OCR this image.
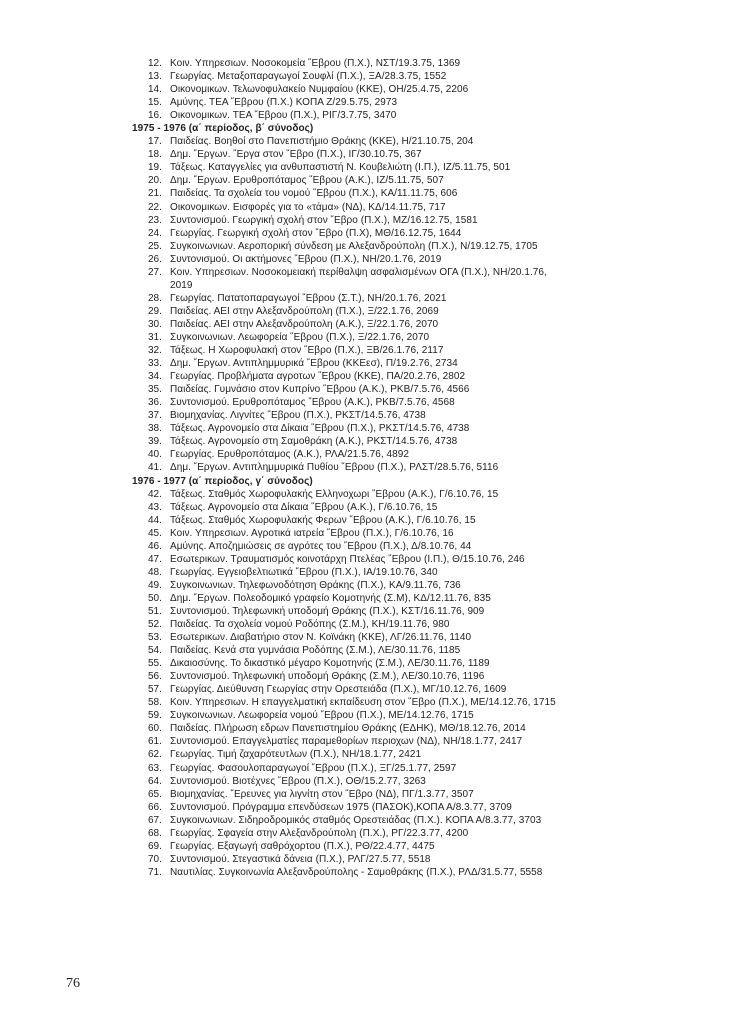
12. Κοιν. Υπηρεσιων. Νοσοκομεία ῞Εβρου (Π.Χ.), ΝΣΤ/19.3.75, 1369
13. Γεωργίας. Μεταξοπαραγωγοί Σουφλί (Π.Χ.), ΞΑ/28.3.75, 1552
14. Οικονομικων. Τελωνοφυλακείο Νυμφαίου (ΚΚΕ), ΟΗ/25.4.75, 2206
15. Αμύνης. ΤΕΑ ῞Εβρου (Π.Χ.) ΚΟΠΑ Ζ/29.5.75, 2973
16. Οικονομικων. ΤΕΑ ῞Εβρου (Π.Χ.), ΡΙΓ/3.7.75, 3470
1975 - 1976 (α΄ περίοδος, β΄ σύνοδος)
17. Παιδείας. Βοηθοί στο Πανεπιστήμιο Θράκης (ΚΚΕ), Η/21.10.75, 204
18. Δημ. ῎Εργων. ῎Εργα στον ῞Εβρο (Π.Χ.), ΙΓ/30.10.75, 367
19. Τάξεως. Καταγγελίες για ανθυπαστιστή Ν. Κουβελιώτη (Ι.Π.), ΙΖ/5.11.75, 501
20. Δημ. ῎Εργων. Ερυθροπόταμος ῞Εβρου (Α.Κ.), ΙΖ/5.11.75, 507
21. Παιδείας. Τα σχολεία του νομού ῞Εβρου (Π.Χ.), ΚΑ/11.11.75, 606
22. Οικονομικων. Εισφορές για το «τάμα» (ΝΔ), ΚΔ/14.11.75, 717
23. Συντονισμού. Γεωργική σχολή στον ῞Εβρο (Π.Χ.), ΜΖ/16.12.75, 1581
24. Γεωργίας. Γεωργική σχολή στον ῞Εβρο (Π.Χ), ΜΘ/16.12.75, 1644
25. Συγκοινωνιων. Αεροπορική σύνδεση με Αλεξανδρούπολη (Π.Χ.), Ν/19.12.75, 1705
26. Συντονισμού. Οι ακτήμονες ῞Εβρου (Π.Χ.), ΝΗ/20.1.76, 2019
27. Κοιν. Υπηρεσιων. Νοσοκομειακή περίθαλψη ασφαλισμένων ΟΓΑ (Π.Χ.), ΝΗ/20.1.76,
2019
28. Γεωργίας. Πατατοπαραγωγοί ῞Εβρου (Σ.Τ.), ΝΗ/20.1.76, 2021
29. Παιδείας. ΑΕΙ στην Αλεξανδρούπολη (Π.Χ.), Ξ/22.1.76, 2069
30. Παιδείας. ΑΕΙ στην Αλεξανδρούπολη (Α.Κ.), Ξ/22.1.76, 2070
31. Συγκοινωνιων. Λεωφορεία ῞Εβρου (Π.Χ.), Ξ/22.1.76, 2070
32. Τάξεως. Η Χωροφυλακή στον ῞Εβρο (Π.Χ.), ΞΒ/26.1.76, 2117
33. Δημ. ῎Εργων. Αντιπλημμυρικά ῞Εβρου (ΚΚΕεσ), Π/19.2.76, 2734
34. Γεωργίας. Προβλήματα αγροτων ῞Εβρου (ΚΚΕ), ΠΑ/20.2.76, 2802
35. Παιδείας. Γυμνάσιο στον Κυπρίνο ῞Εβρου (Α.Κ.), ΡΚΒ/7.5.76, 4566
36. Συντονισμού. Ερυθροπόταμος ῞Εβρου (Α.Κ.), ΡΚΒ/7.5.76, 4568
37. Βιομηχανίας. Λιγνίτες ῞Εβρου (Π.Χ.), ΡΚΣΤ/14.5.76, 4738
38. Τάξεως. Αγρονομείο στα Δίκαια ῞Εβρου (Π.Χ.), ΡΚΣΤ/14.5.76, 4738
39. Τάξεως. Αγρονομείο στη Σαμοθράκη (Α.Κ.), ΡΚΣΤ/14.5.76, 4738
40. Γεωργίας. Ερυθροπόταμος (Α.Κ.), ΡΛΑ/21.5.76, 4892
41. Δημ. ῎Εργων. Αντιπλημμυρικά Πυθίου ῞Εβρου (Π.Χ.), ΡΛΣΤ/28.5.76, 5116
1976 - 1977 (α΄ περίοδος, γ΄ σύνοδος)
42. Τάξεως. Σταθμός Χωροφυλακής Ελληνοχωρι ῞Εβρου (Α.Κ.), Γ/6.10.76, 15
43. Τάξεως. Αγρονομείο στα Δίκαια ῞Εβρου (Α.Κ.), Γ/6.10.76, 15
44. Τάξεως. Σταθμός Χωροφυλακής Φερων ῞Εβρου (Α.Κ.), Γ/6.10.76, 15
45. Κοιν. Υπηρεσιων. Αγροτικά ιατρεία ῞Εβρου (Π.Χ.), Γ/6.10.76, 16
46. Αμύνης. Αποζημιώσεις σε αγρότες του ῞Εβρου (Π.Χ.), Δ/8.10.76, 44
47. Εσωτερικων. Τραυματισμός κοινοτάρχη Πτελέας ῞Εβρου (Ι.Π.), Θ/15.10.76, 246
48. Γεωργίας. Εγγειοβελτιωτικά ῞Εβρου (Π.Χ.), ΙΑ/19.10.76, 340
49. Συγκοινωνιων. Τηλεφωνοδότηση Θράκης (Π.Χ.), ΚΑ/9.11.76, 736
50. Δημ. ῎Εργων. Πολεοδομικό γραφείο Κομοτηνής (Σ.Μ), ΚΔ/12.11.76, 835
51. Συντονισμού. Τηλεφωνική υποδομή Θράκης (Π.Χ.), ΚΣΤ/16.11.76, 909
52. Παιδείας. Τα σχολεία νομού Ροδόπης (Σ.Μ.), ΚΗ/19.11.76, 980
53. Εσωτερικων. Διαβατήριο στον Ν. Κοϊνάκη (ΚΚΕ), ΛΓ/26.11.76, 1140
54. Παιδείας. Κενά στα γυμνάσια Ροδόπης (Σ.Μ.), ΛΕ/30.11.76, 1185
55. Δικαιοσύνης. Το δικαστικό μέγαρο Κομοτηνής (Σ.Μ.), ΛΕ/30.11.76, 1189
56. Συντονισμού. Τηλεφωνική υποδομή Θράκης (Σ.Μ.), ΛΕ/30.10.76, 1196
57. Γεωργίας. Διεύθυνση Γεωργίας στην Ορεστειάδα (Π.Χ.), ΜΓ/10.12.76, 1609
58. Κοιν. Υπηρεσιων. Η επαγγελματική εκπαίδευση στον ῞Εβρο (Π.Χ.), ΜΕ/14.12.76, 1715
59. Συγκοινωνιων. Λεωφορεία νομού ῞Εβρου (Π.Χ.), ΜΕ/14.12.76, 1715
60. Παιδείας. Πλήρωση εδρων Πανεπιστημίου Θράκης (ΕΔΗΚ), ΜΘ/18.12.76, 2014
61. Συντονισμού. Επαγγελματίες παραμεθορίων περιοχων (ΝΔ), ΝΗ/18.1.77, 2417
62. Γεωργίας. Τιμή ζαχαρότευτλων (Π.Χ.), ΝΗ/18.1.77, 2421
63. Γεωργίας. Φασουλοπαραγωγοί ῞Εβρου (Π.Χ.), ΞΓ/25.1.77, 2597
64. Συντονισμού. Βιοτέχνες ῞Εβρου (Π.Χ.), ΟΘ/15.2.77, 3263
65. Βιομηχανίας. ῎Ερευνες για λιγνίτη στον ῞Εβρο (ΝΔ), ΠΓ/1.3.77, 3507
66. Συντονισμού. Πρόγραμμα επενδύσεων 1975 (ΠΑΣΟΚ),ΚΟΠΑ Α/8.3.77, 3709
67. Συγκοινωνιων. Σιδηροδρομικός σταθμός Ορεστειάδας (Π.Χ.). ΚΟΠΑ Α/8.3.77, 3703
68. Γεωργίας. Σφαγεία στην Αλεξανδρούπολη (Π.Χ.), ΡΓ/22.3.77, 4200
69. Γεωργίας. Εξαγωγή σαθρόχορτου (Π.Χ.), ΡΘ/22.4.77, 4475
70. Συντονισμού. Στεγαστικά δάνεια (Π.Χ.), ΡΛΓ/27.5.77, 5518
71. Ναυτιλίας. Συγκοινωνία Αλεξανδρούπολης - Σαμοθράκης (Π.Χ.), ΡΛΔ/31.5.77, 5558
76
